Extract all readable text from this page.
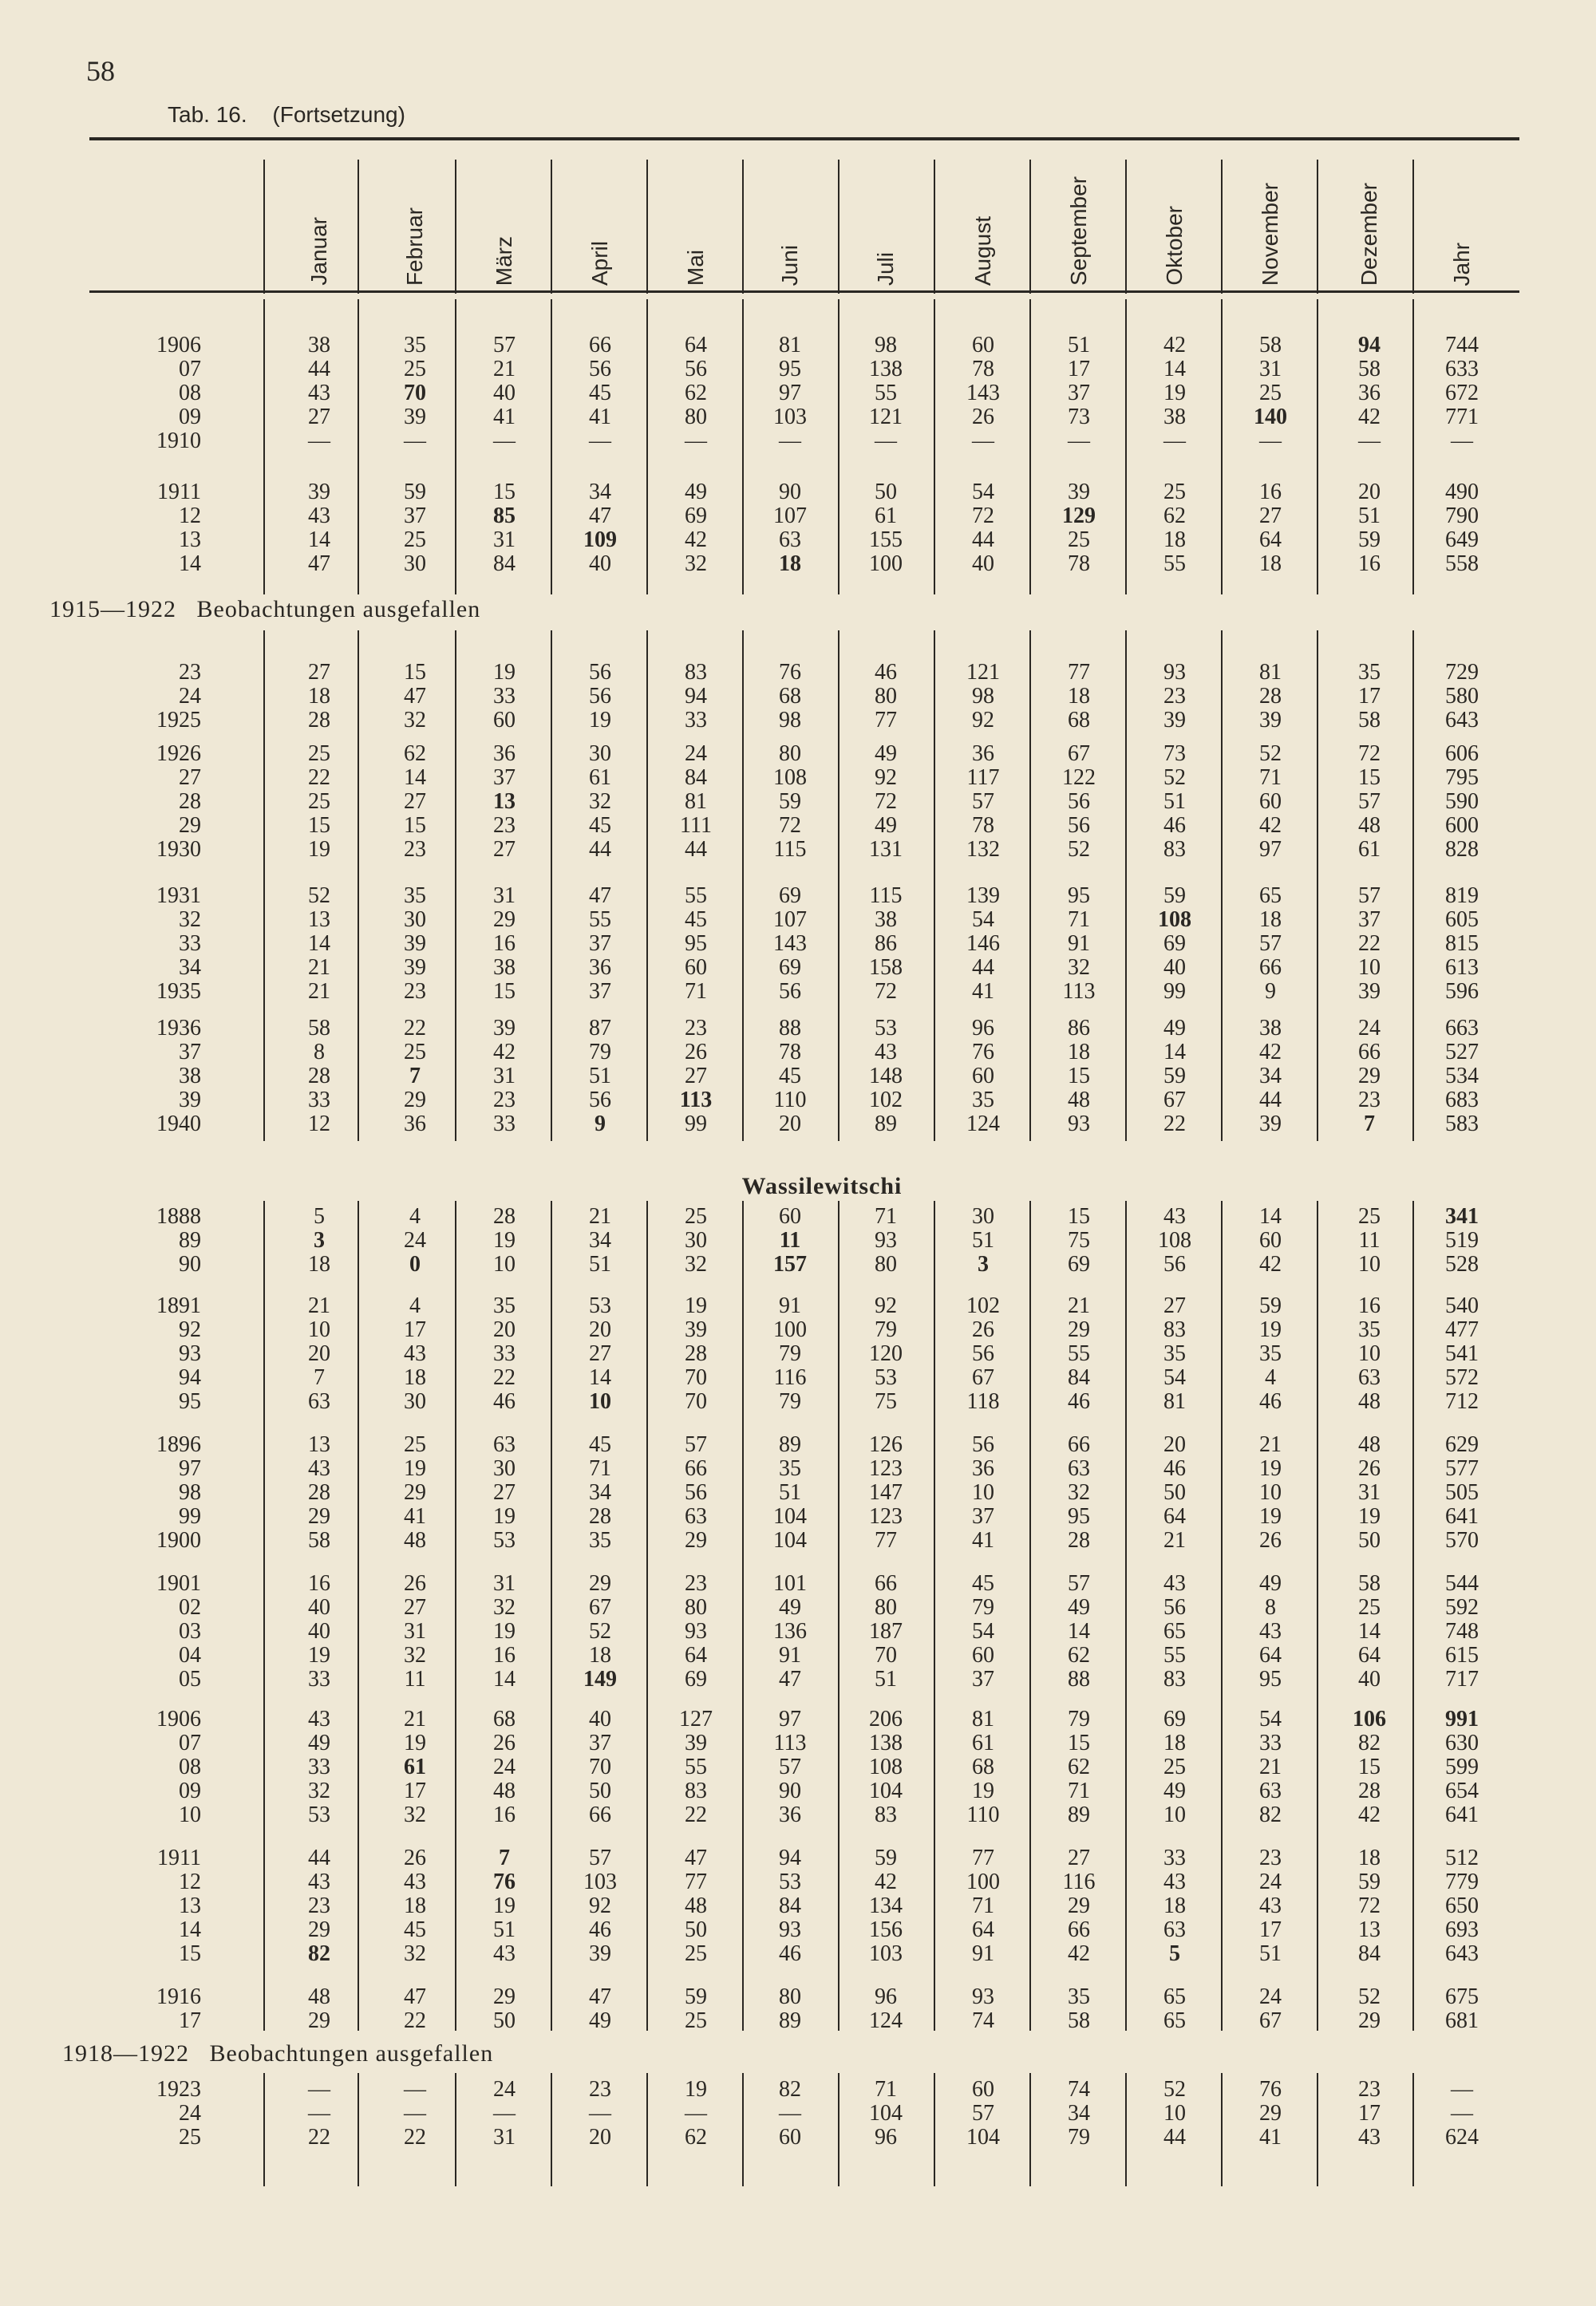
58
Tab. 16. (Fortsetzung)
Januar	Februar	März	April	Mai	Juni	Juli	August	September	Oktober	November	Dezember	Jahr
1906	38	35	57	66	64	81	98	60	51	42	58	94	744
07	44	25	21	56	56	95	138	78	17	14	31	58	633
08	43	70	40	45	62	97	55	143	37	19	25	36	672
09	27	39	41	41	80	103	121	26	73	38	140	42	771
1910	—	—	—	—	—	—	—	—	—	—	—	—	—
1911	39	59	15	34	49	90	50	54	39	25	16	20	490
12	43	37	85	47	69	107	61	72	129	62	27	51	790
13	14	25	31	109	42	63	155	44	25	18	64	59	649
14	47	30	84	40	32	18	100	40	78	55	18	16	558
1915—1922 Beobachtungen ausgefallen
23	27	15	19	56	83	76	46	121	77	93	81	35	729
24	18	47	33	56	94	68	80	98	18	23	28	17	580
1925	28	32	60	19	33	98	77	92	68	39	39	58	643
1926	25	62	36	30	24	80	49	36	67	73	52	72	606
27	22	14	37	61	84	108	92	117	122	52	71	15	795
28	25	27	13	32	81	59	72	57	56	51	60	57	590
29	15	15	23	45	111	72	49	78	56	46	42	48	600
1930	19	23	27	44	44	115	131	132	52	83	97	61	828
1931	52	35	31	47	55	69	115	139	95	59	65	57	819
32	13	30	29	55	45	107	38	54	71	108	18	37	605
33	14	39	16	37	95	143	86	146	91	69	57	22	815
34	21	39	38	36	60	69	158	44	32	40	66	10	613
1935	21	23	15	37	71	56	72	41	113	99	9	39	596
1936	58	22	39	87	23	88	53	96	86	49	38	24	663
37	8	25	42	79	26	78	43	76	18	14	42	66	527
38	28	7	31	51	27	45	148	60	15	59	34	29	534
39	33	29	23	56	113	110	102	35	48	67	44	23	683
1940	12	36	33	9	99	20	89	124	93	22	39	7	583
Wassilewitschi
1888	5	4	28	21	25	60	71	30	15	43	14	25	341
89	3	24	19	34	30	11	93	51	75	108	60	11	519
90	18	0	10	51	32	157	80	3	69	56	42	10	528
1891	21	4	35	53	19	91	92	102	21	27	59	16	540
92	10	17	20	20	39	100	79	26	29	83	19	35	477
93	20	43	33	27	28	79	120	56	55	35	35	10	541
94	7	18	22	14	70	116	53	67	84	54	4	63	572
95	63	30	46	10	70	79	75	118	46	81	46	48	712
1896	13	25	63	45	57	89	126	56	66	20	21	48	629
97	43	19	30	71	66	35	123	36	63	46	19	26	577
98	28	29	27	34	56	51	147	10	32	50	10	31	505
99	29	41	19	28	63	104	123	37	95	64	19	19	641
1900	58	48	53	35	29	104	77	41	28	21	26	50	570
1901	16	26	31	29	23	101	66	45	57	43	49	58	544
02	40	27	32	67	80	49	80	79	49	56	8	25	592
03	40	31	19	52	93	136	187	54	14	65	43	14	748
04	19	32	16	18	64	91	70	60	62	55	64	64	615
05	33	11	14	149	69	47	51	37	88	83	95	40	717
1906	43	21	68	40	127	97	206	81	79	69	54	106	991
07	49	19	26	37	39	113	138	61	15	18	33	82	630
08	33	61	24	70	55	57	108	68	62	25	21	15	599
09	32	17	48	50	83	90	104	19	71	49	63	28	654
10	53	32	16	66	22	36	83	110	89	10	82	42	641
1911	44	26	7	57	47	94	59	77	27	33	23	18	512
12	43	43	76	103	77	53	42	100	116	43	24	59	779
13	23	18	19	92	48	84	134	71	29	18	43	72	650
14	29	45	51	46	50	93	156	64	66	63	17	13	693
15	82	32	43	39	25	46	103	91	42	5	51	84	643
1916	48	47	29	47	59	80	96	93	35	65	24	52	675
17	29	22	50	49	25	89	124	74	58	65	67	29	681
1918—1922 Beobachtungen ausgefallen
1923	—	—	24	23	19	82	71	60	74	52	76	23	—
24	—	—	—	—	—	—	104	57	34	10	29	17	—
25	22	22	31	20	62	60	96	104	79	44	41	43	624
